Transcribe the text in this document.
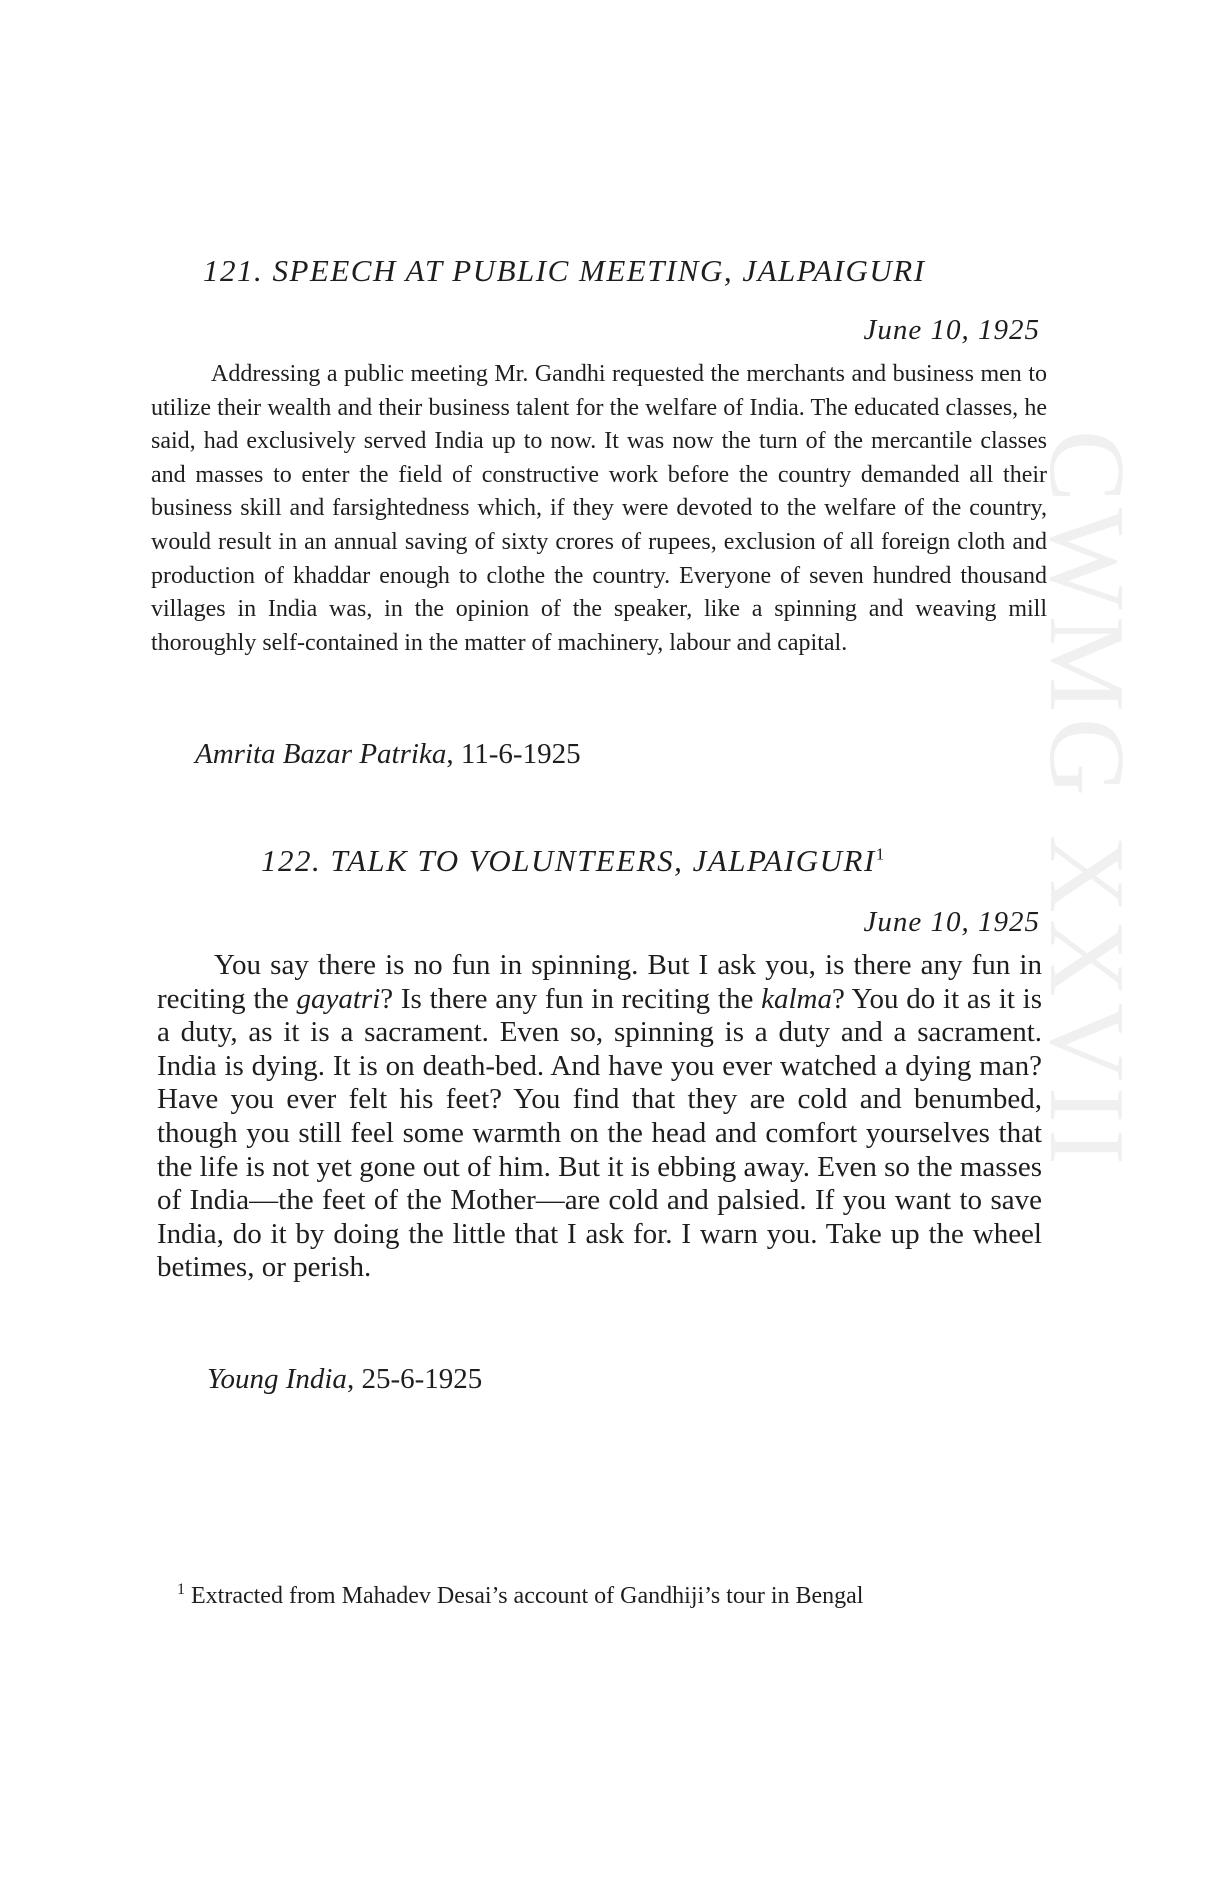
CWMG XXVII
121. SPEECH AT PUBLIC MEETING, JALPAIGURI
June 10, 1925

Addressing a public meeting Mr. Gandhi requested the merchants and business men to utilize their wealth and their business talent for the welfare of India. The educated classes, he said, had exclusively served India up to now. It was now the turn of the mercantile classes and masses to enter the field of constructive work before the country demanded all their business skill and farsightedness which, if they were devoted to the welfare of the country, would result in an annual saving of sixty crores of rupees, exclusion of all foreign cloth and production of khaddar enough to clothe the country. Everyone of seven hundred thousand villages in India was, in the opinion of the speaker, like a spinning and weaving mill thoroughly self-contained in the matter of machinery, labour and capital.

Amrita Bazar Patrika, 11-6-1925
122. TALK TO VOLUNTEERS, JALPAIGURI$^1$
June 10, 1925

You say there is no fun in spinning. But I ask you, is there any fun in reciting the gayatri? Is there any fun in reciting the kalma? You do it as it is a duty, as it is a sacrament. Even so, spinning is a duty and a sacrament. India is dying. It is on death-bed. And have you ever watched a dying man? Have you ever felt his feet? You find that they are cold and benumbed, though you still feel some warmth on the head and comfort yourselves that the life is not yet gone out of him. But it is ebbing away. Even so the masses of India—the feet of the Mother—are cold and palsied. If you want to save India, do it by doing the little that I ask for. I warn you. Take up the wheel betimes, or perish.

Young India, 25-6-1925
$^1$ Extracted from Mahadev Desai’s account of Gandhiji’s tour in Bengal
